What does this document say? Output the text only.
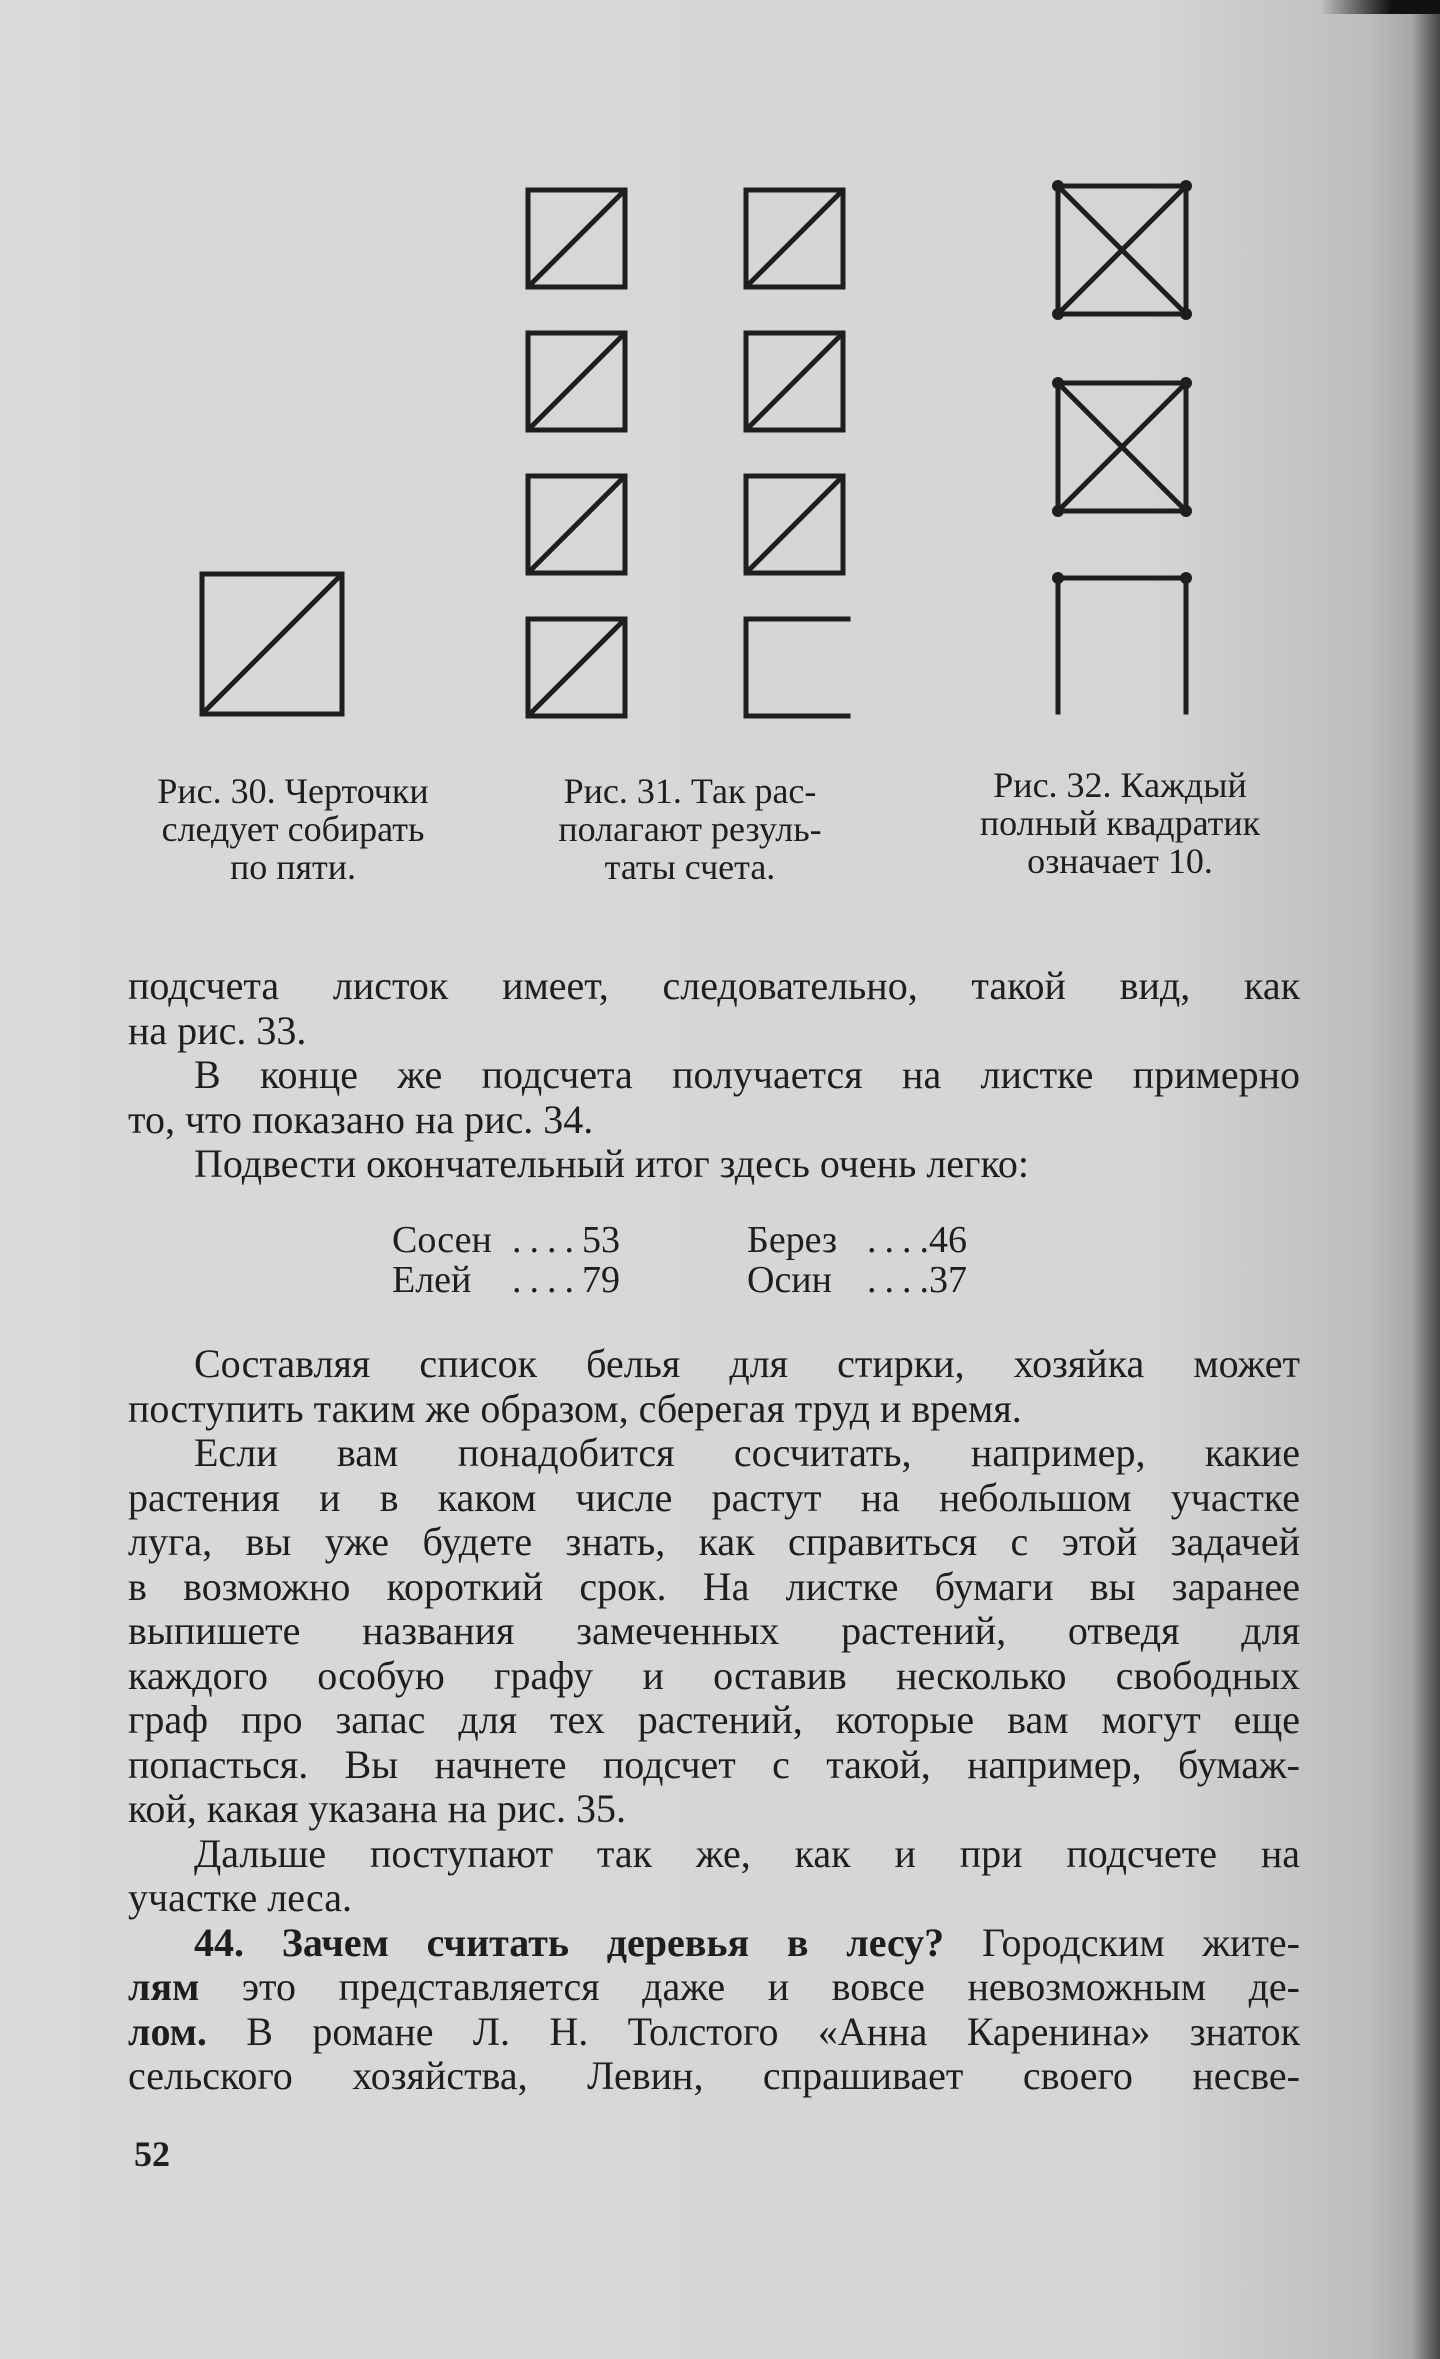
Рис. 30. Черточки
следует собирать
по пяти.
Рис. 31. Так рас-
полагают резуль-
таты счета.
Рис. 32. Каждый
полный квадратик
означает 10.

подсчета листок имеет, следовательно, такой вид, как

на рис. 33.

В конце же подсчета получается на листке примерно

то, что показано на рис. 34.

Подвести окончательный итог здесь очень легко:

Сосен .... 53	Берез ... .46
Елей	.... 79	Осин ... .37

Составляя список белья для стирки, хозяйка может

поступить таким же образом, сберегая труд и время.

Если вам понадобится сосчитать, например, какие

растения и в каком числе растут на небольшом участке

луга, вы уже будете знать, как справиться с этой задачей

в возможно короткий срок. На листке бумаги вы заранее

выпишете названия замеченных растений, отведя для

каждого особую графу и оставив несколько свободных

граф про запас для тех растений, которые вам могут еще

попасться. Вы начнете подсчет с такой, например, бумаж-

кой, какая указана на рис. 35.

Дальше поступают так же, как и при подсчете на

участке леса.

44. Зачем считать деревья в лесу? Городским жите-

лям это представляется даже и вовсе невозможным де-

лом. В романе Л. Н. Толстого «Анна Каренина» знаток

сельского хозяйства, Левин, спрашивает своего несве-

52
